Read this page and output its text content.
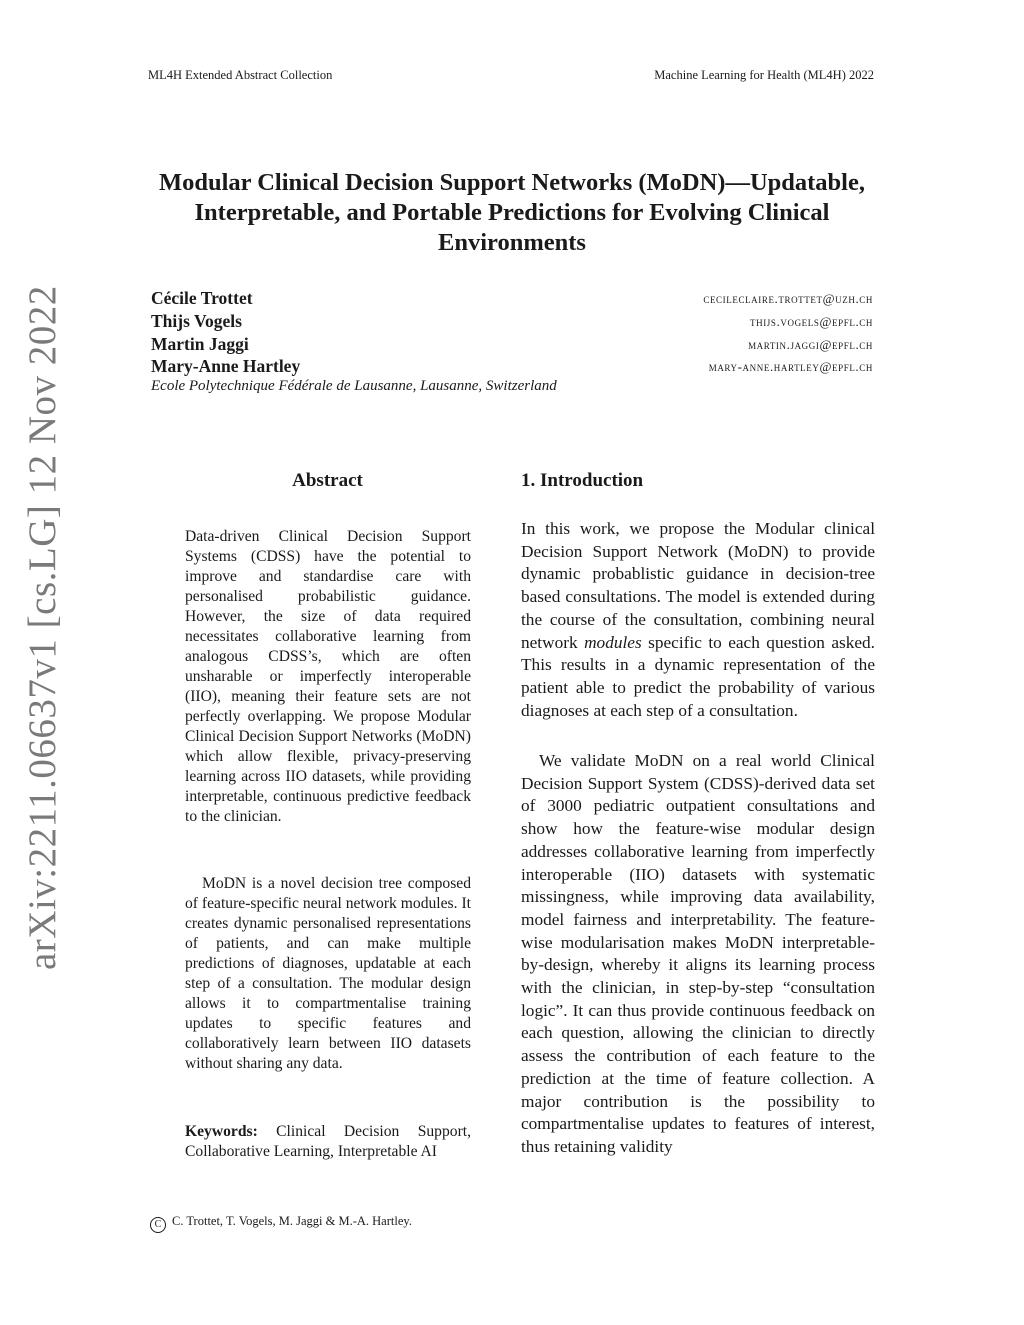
ML4H Extended Abstract Collection	Machine Learning for Health (ML4H) 2022
arXiv:2211.06637v1 [cs.LG] 12 Nov 2022
Modular Clinical Decision Support Networks (MoDN)—Updatable, Interpretable, and Portable Predictions for Evolving Clinical Environments
Cécile Trottet	cecileclaire.trottet@uzh.ch
Thijs Vogels	thijs.vogels@epfl.ch
Martin Jaggi	martin.jaggi@epfl.ch
Mary-Anne Hartley	mary-anne.hartley@epfl.ch
Ecole Polytechnique Fédérale de Lausanne, Lausanne, Switzerland
Abstract
Data-driven Clinical Decision Support Systems (CDSS) have the potential to improve and standardise care with personalised probabilistic guidance. However, the size of data required necessitates collaborative learning from analogous CDSS’s, which are often unsharable or imperfectly interoperable (IIO), meaning their feature sets are not perfectly overlapping. We propose Modular Clinical Decision Support Networks (MoDN) which allow flexible, privacy-preserving learning across IIO datasets, while providing interpretable, continuous predictive feedback to the clinician.
MoDN is a novel decision tree composed of feature-specific neural network modules. It creates dynamic personalised representations of patients, and can make multiple predictions of diagnoses, updatable at each step of a consultation. The modular design allows it to compartmentalise training updates to specific features and collaboratively learn between IIO datasets without sharing any data.
Keywords: Clinical Decision Support, Collaborative Learning, Interpretable AI
1. Introduction
In this work, we propose the Modular clinical Decision Support Network (MoDN) to provide dynamic probablistic guidance in decision-tree based consultations. The model is extended during the course of the consultation, combining neural network modules specific to each question asked. This results in a dynamic representation of the patient able to predict the probability of various diagnoses at each step of a consultation.
We validate MoDN on a real world Clinical Decision Support System (CDSS)-derived data set of 3000 pediatric outpatient consultations and show how the feature-wise modular design addresses collaborative learning from imperfectly interoperable (IIO) datasets with systematic missingness, while improving data availability, model fairness and interpretability. The feature-wise modularisation makes MoDN interpretable-by-design, whereby it aligns its learning process with the clinician, in step-by-step “consultation logic”. It can thus provide continuous feedback on each question, allowing the clinician to directly assess the contribution of each feature to the prediction at the time of feature collection. A major contribution is the possibility to compartmentalise updates to features of interest, thus retaining validity
C C. Trottet, T. Vogels, M. Jaggi & M.-A. Hartley.
